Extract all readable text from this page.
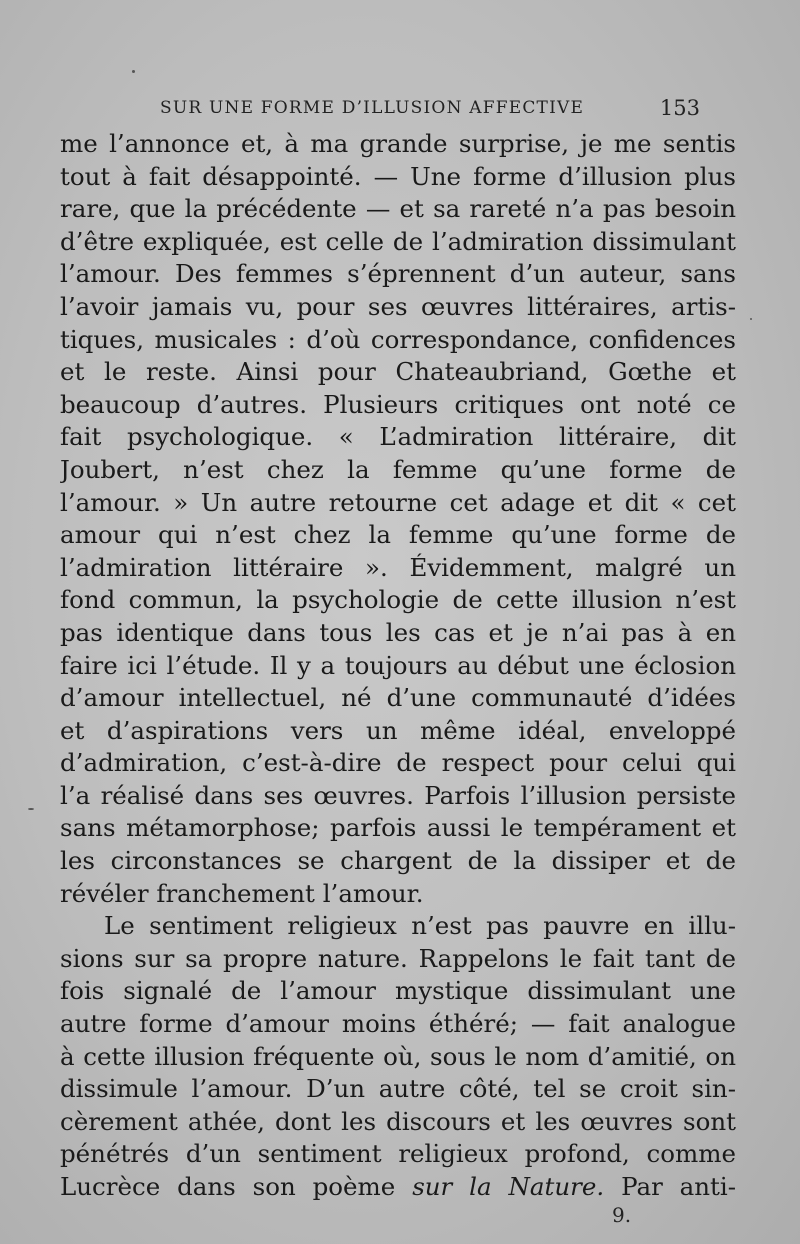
SUR UNE FORME D’ILLUSION AFFECTIVE	153
me l’annonce et, à ma grande surprise, je me sentis
tout à fait désappointé. — Une forme d’illusion plus
rare, que la précédente — et sa rareté n’a pas besoin
d’être expliquée, est celle de l’admiration dissimulant
l’amour. Des femmes s’éprennent d’un auteur, sans
l’avoir jamais vu, pour ses œuvres littéraires, artis-
tiques, musicales : d’où correspondance, confidences
et le reste. Ainsi pour Chateaubriand, Gœthe et
beaucoup d’autres. Plusieurs critiques ont noté ce
fait psychologique. « L’admiration littéraire, dit
Joubert, n’est chez la femme qu’une forme de
l’amour. » Un autre retourne cet adage et dit « cet
amour qui n’est chez la femme qu’une forme de
l’admiration littéraire ». Évidemment, malgré un
fond commun, la psychologie de cette illusion n’est
pas identique dans tous les cas et je n’ai pas à en
faire ici l’étude. Il y a toujours au début une éclosion
d’amour intellectuel, né d’une communauté d’idées
et d’aspirations vers un même idéal, enveloppé
d’admiration, c’est-à-dire de respect pour celui qui
l’a réalisé dans ses œuvres. Parfois l’illusion persiste
sans métamorphose; parfois aussi le tempérament et
les circonstances se chargent de la dissiper et de
révéler franchement l’amour.
Le sentiment religieux n’est pas pauvre en illu-
sions sur sa propre nature. Rappelons le fait tant de
fois signalé de l’amour mystique dissimulant une
autre forme d’amour moins éthéré; — fait analogue
à cette illusion fréquente où, sous le nom d’amitié, on
dissimule l’amour. D’un autre côté, tel se croit sin-
cèrement athée, dont les discours et les œuvres sont
pénétrés d’un sentiment religieux profond, comme
Lucrèce dans son poème sur la Nature. Par anti-
9.
